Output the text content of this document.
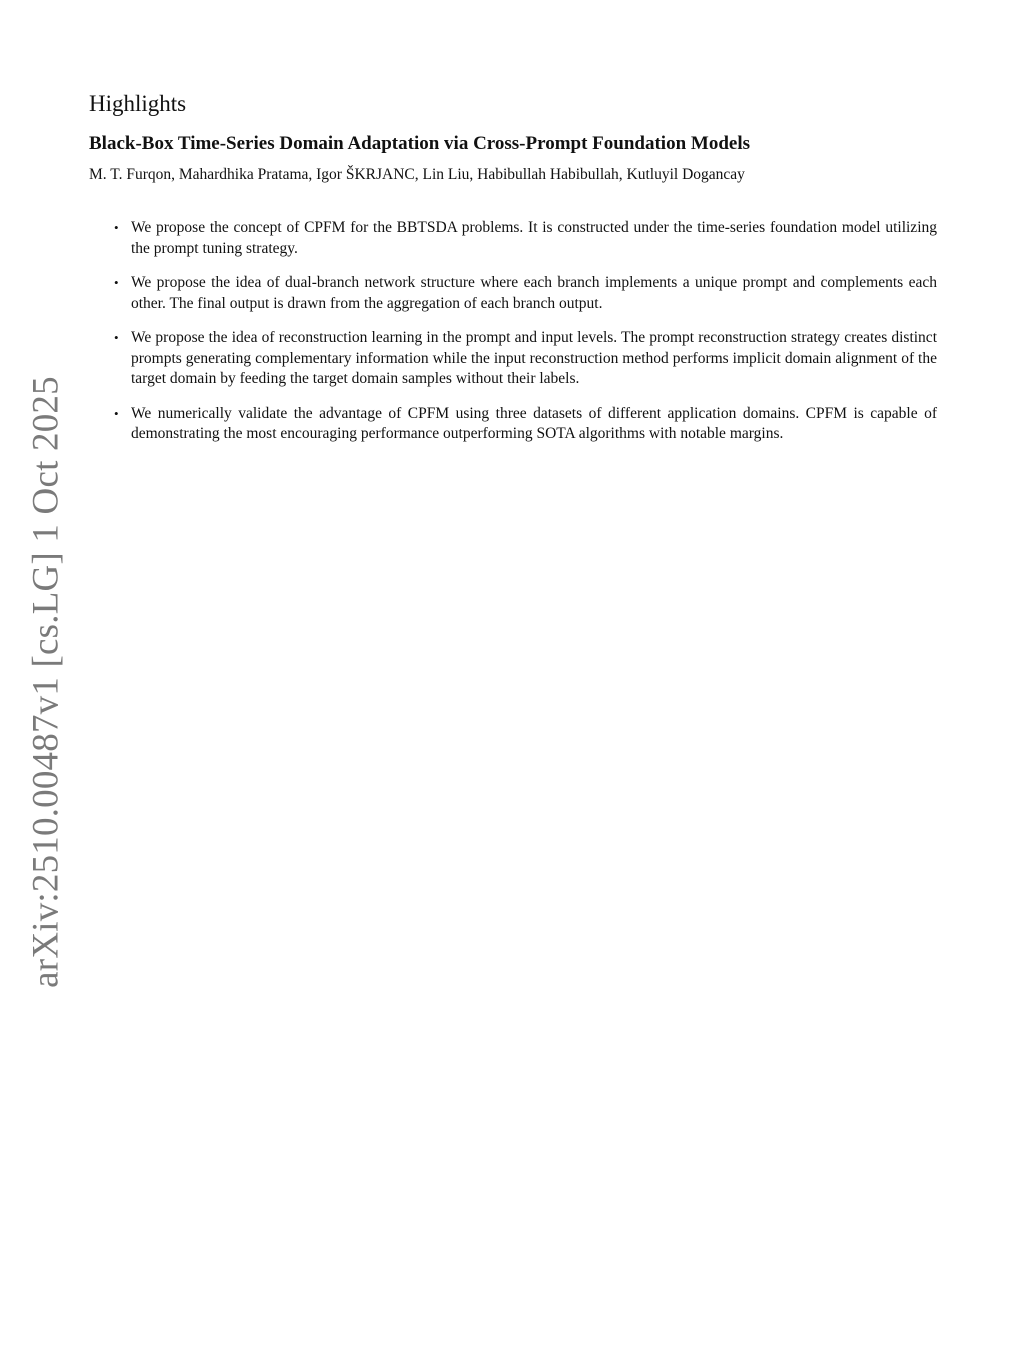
arXiv:2510.00487v1 [cs.LG] 1 Oct 2025
Highlights
Black-Box Time-Series Domain Adaptation via Cross-Prompt Foundation Models

M. T. Furqon, Mahardhika Pratama, Igor ŠKRJANC, Lin Liu, Habibullah Habibullah, Kutluyil Dogancay

• We propose the concept of CPFM for the BBTSDA problems. It is constructed under the time-series foundation model utilizing the prompt tuning strategy.
• We propose the idea of dual-branch network structure where each branch implements a unique prompt and complements each other. The final output is drawn from the aggregation of each branch output.
• We propose the idea of reconstruction learning in the prompt and input levels. The prompt reconstruction strategy creates distinct prompts generating complementary information while the input reconstruction method performs implicit domain alignment of the target domain by feeding the target domain samples without their labels.
• We numerically validate the advantage of CPFM using three datasets of different application domains. CPFM is capable of demonstrating the most encouraging performance outperforming SOTA algorithms with notable margins.
